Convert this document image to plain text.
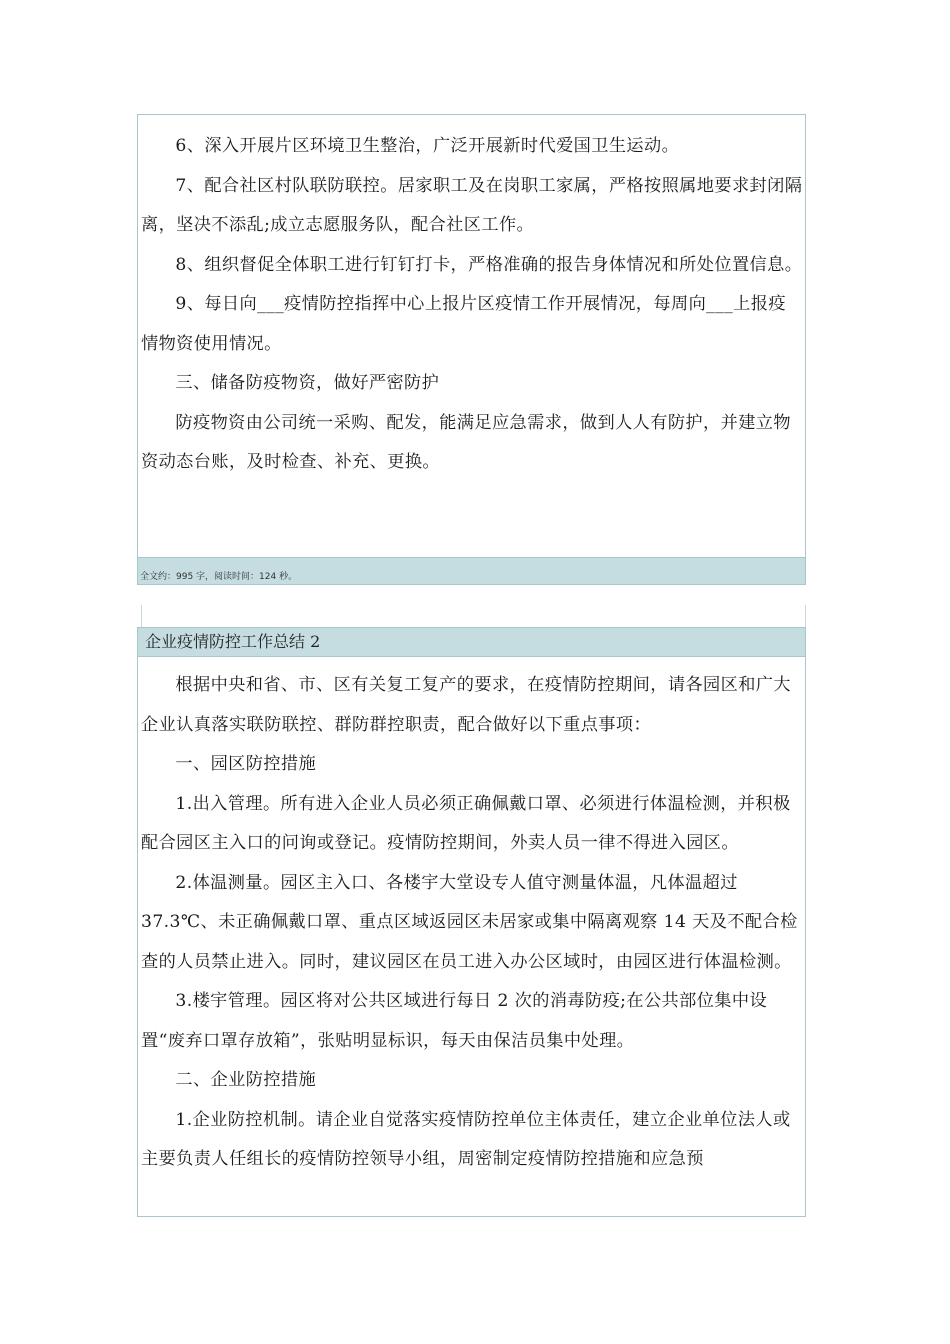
6、深入开展片区环境卫生整治，广泛开展新时代爱国卫生运动。

7、配合社区村队联防联控。居家职工及在岗职工家属，严格按照属地要求封闭隔离，坚决不添乱;成立志愿服务队，配合社区工作。

8、组织督促全体职工进行钉钉打卡，严格准确的报告身体情况和所处位置信息。

9、每日向___疫情防控指挥中心上报片区疫情工作开展情况，每周向___上报疫情物资使用情况。

三、储备防疫物资，做好严密防护

防疫物资由公司统一采购、配发，能满足应急需求，做到人人有防护，并建立物资动态台账，及时检查、补充、更换。

全文约：995 字，阅读时间：124 秒。
企业疫情防控工作总结 2

根据中央和省、市、区有关复工复产的要求，在疫情防控期间，请各园区和广大企业认真落实联防联控、群防群控职责，配合做好以下重点事项：

一、园区防控措施

1.出入管理。所有进入企业人员必须正确佩戴口罩、必须进行体温检测，并积极配合园区主入口的问询或登记。疫情防控期间，外卖人员一律不得进入园区。

2.体温测量。园区主入口、各楼宇大堂设专人值守测量体温，凡体温超过 37.3℃、未正确佩戴口罩、重点区域返园区未居家或集中隔离观察 14 天及不配合检查的人员禁止进入。同时，建议园区在员工进入办公区域时，由园区进行体温检测。

3.楼宇管理。园区将对公共区域进行每日 2 次的消毒防疫;在公共部位集中设置“废弃口罩存放箱”，张贴明显标识，每天由保洁员集中处理。

二、企业防控措施

1.企业防控机制。请企业自觉落实疫情防控单位主体责任，建立企业单位法人或主要负责人任组长的疫情防控领导小组，周密制定疫情防控措施和应急预
